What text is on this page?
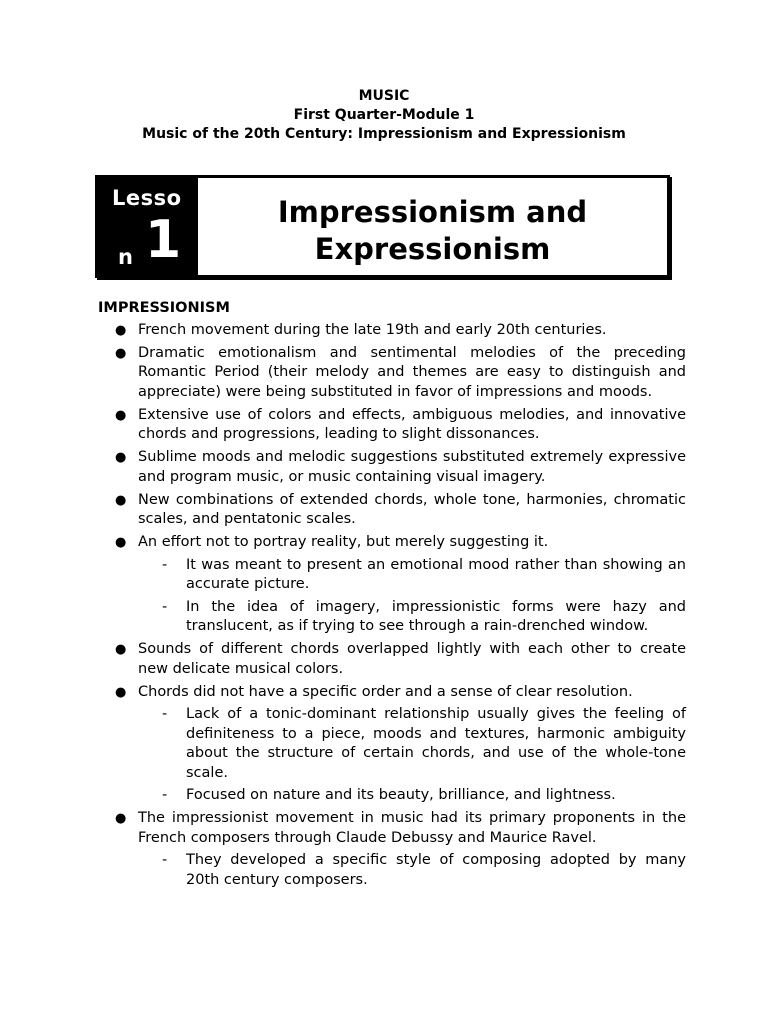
MUSIC
First Quarter-Module 1
Music of the 20th Century: Impressionism and Expressionism
Lesso
n 1	Impressionism and
Expressionism
IMPRESSIONISM
● French movement during the late 19th and early 20th centuries.
● Dramatic emotionalism and sentimental melodies of the preceding Romantic Period (their melody and themes are easy to distinguish and appreciate) were being substituted in favor of impressions and moods.
● Extensive use of colors and effects, ambiguous melodies, and innovative chords and progressions, leading to slight dissonances.
● Sublime moods and melodic suggestions substituted extremely expressive and program music, or music containing visual imagery.
● New combinations of extended chords, whole tone, harmonies, chromatic scales, and pentatonic scales.
● An effort not to portray reality, but merely suggesting it.
- It was meant to present an emotional mood rather than showing an accurate picture.
- In the idea of imagery, impressionistic forms were hazy and translucent, as if trying to see through a rain-drenched window.
● Sounds of different chords overlapped lightly with each other to create new delicate musical colors.
● Chords did not have a specific order and a sense of clear resolution.
- Lack of a tonic-dominant relationship usually gives the feeling of definiteness to a piece, moods and textures, harmonic ambiguity about the structure of certain chords, and use of the whole-tone scale.
- Focused on nature and its beauty, brilliance, and lightness.
● The impressionist movement in music had its primary proponents in the French composers through Claude Debussy and Maurice Ravel.
- They developed a specific style of composing adopted by many 20th century composers.
